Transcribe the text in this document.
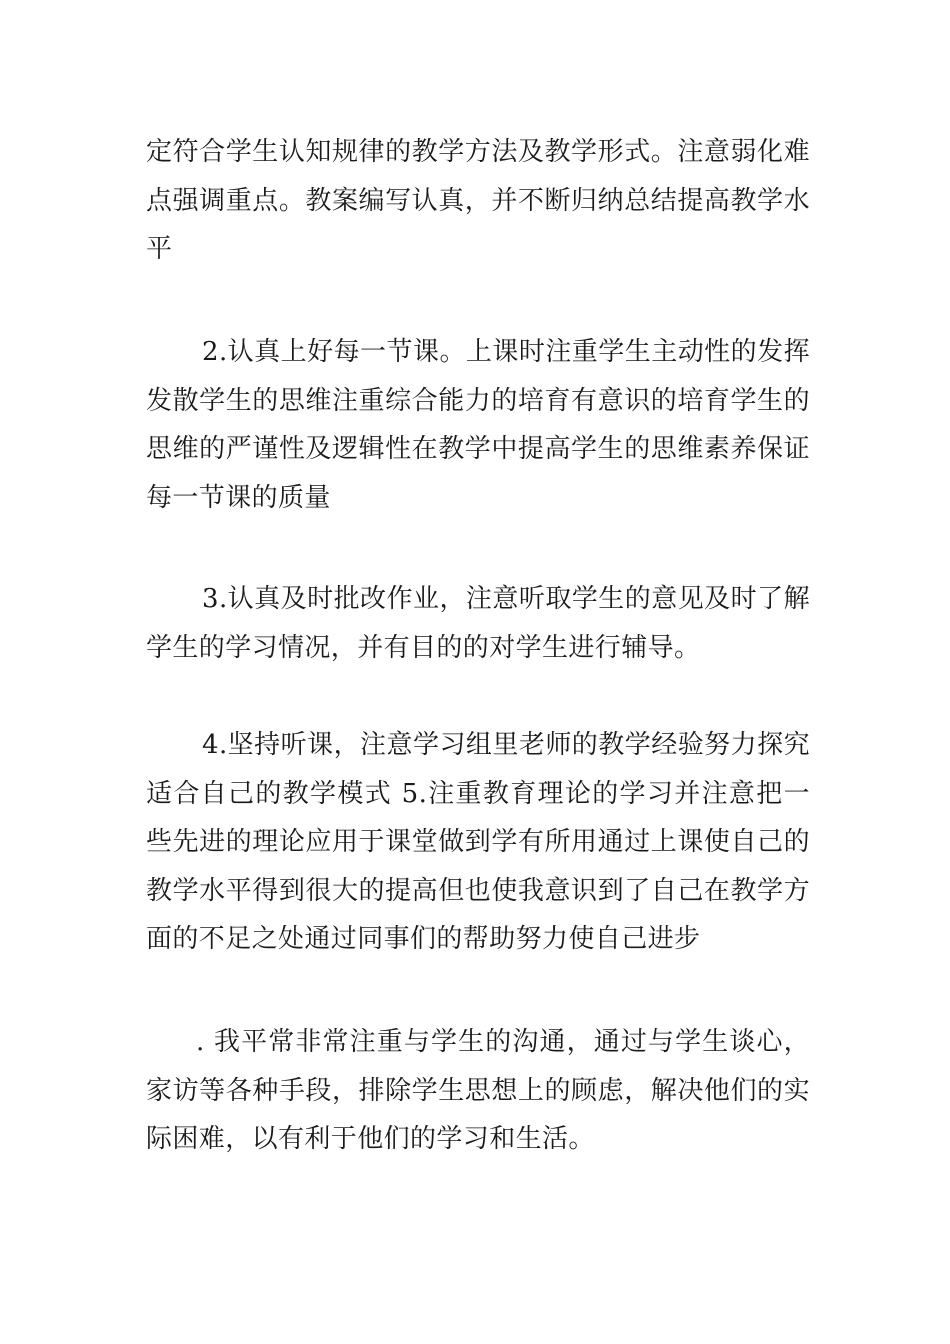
定符合学生认知规律的教学方法及教学形式。注意弱化难点强调重点。教案编写认真，并不断归纳总结提高教学水平

2.认真上好每一节课。上课时注重学生主动性的发挥发散学生的思维注重综合能力的培育有意识的培育学生的思维的严谨性及逻辑性在教学中提高学生的思维素养保证每一节课的质量

3.认真及时批改作业，注意听取学生的意见及时了解学生的学习情况，并有目的的对学生进行辅导。

4.坚持听课，注意学习组里老师的教学经验努力探究适合自己的教学模式 5.注重教育理论的学习并注意把一些先进的理论应用于课堂做到学有所用通过上课使自己的教学水平得到很大的提高但也使我意识到了自己在教学方面的不足之处通过同事们的帮助努力使自己进步

. 我平常非常注重与学生的沟通，通过与学生谈心，家访等各种手段，排除学生思想上的顾虑，解决他们的实际困难，以有利于他们的学习和生活。
